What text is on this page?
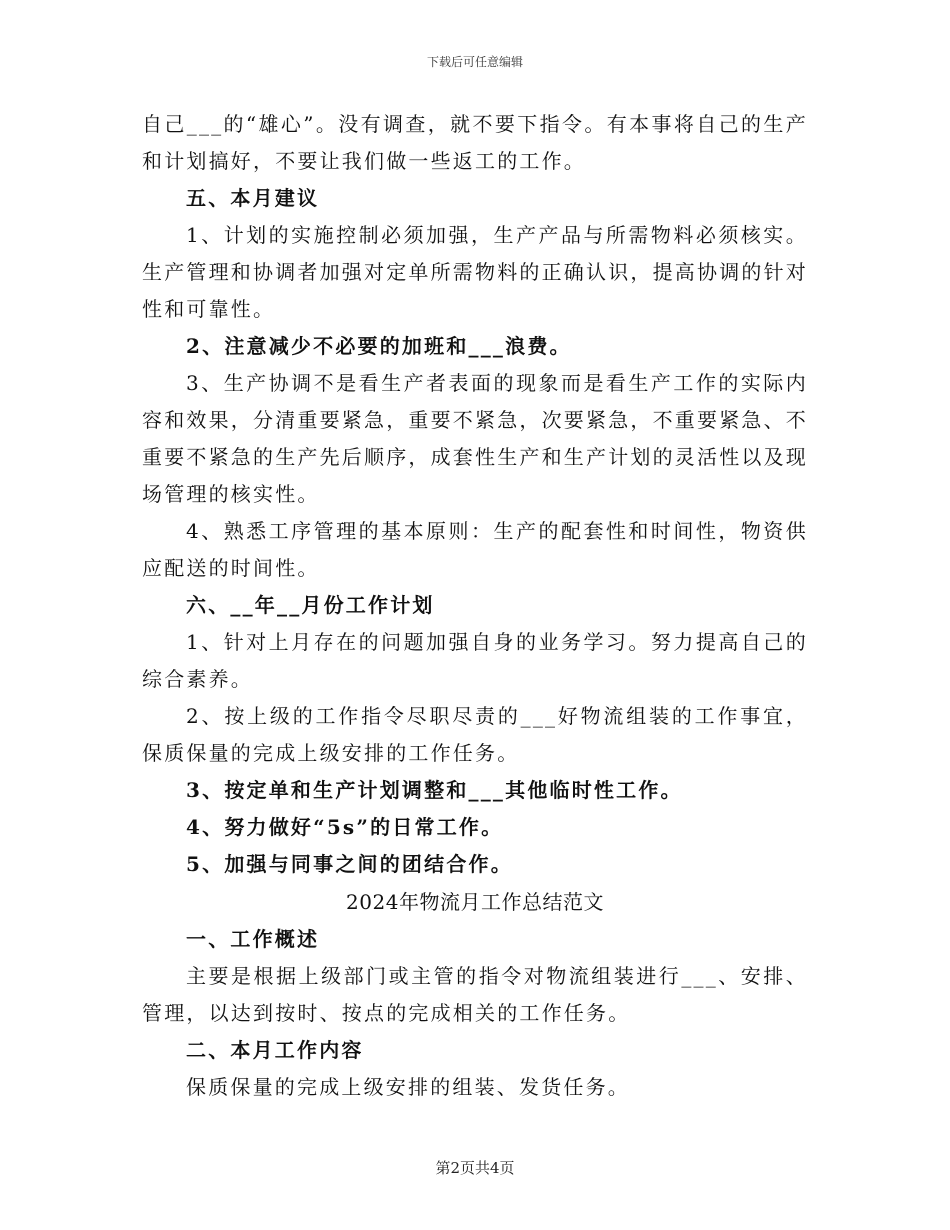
下载后可任意编辑

自己___的“雄心”。没有调查，就不要下指令。有本事将自己的生产和计划搞好，不要让我们做一些返工的工作。

五、本月建议

1、计划的实施控制必须加强，生产产品与所需物料必须核实。生产管理和协调者加强对定单所需物料的正确认识，提高协调的针对性和可靠性。

2、注意减少不必要的加班和___浪费。

3、生产协调不是看生产者表面的现象而是看生产工作的实际内容和效果，分清重要紧急，重要不紧急，次要紧急，不重要紧急、不重要不紧急的生产先后顺序，成套性生产和生产计划的灵活性以及现场管理的核实性。

4、熟悉工序管理的基本原则：生产的配套性和时间性，物资供应配送的时间性。

六、__年__月份工作计划

1、针对上月存在的问题加强自身的业务学习。努力提高自己的综合素养。

2、按上级的工作指令尽职尽责的___好物流组装的工作事宜，保质保量的完成上级安排的工作任务。

3、按定单和生产计划调整和___其他临时性工作。

4、努力做好“5s”的日常工作。

5、加强与同事之间的团结合作。

2024年物流月工作总结范文

一、工作概述

主要是根据上级部门或主管的指令对物流组装进行___、安排、管理，以达到按时、按点的完成相关的工作任务。

二、本月工作内容

保质保量的完成上级安排的组装、发货任务。

第2页共4页
